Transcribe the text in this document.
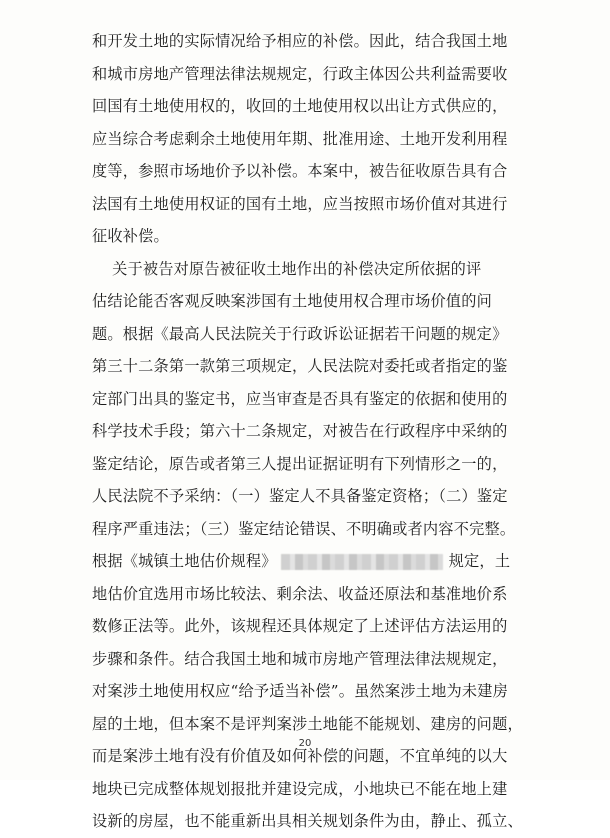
和开发土地的实际情况给予相应的补偿。因此，结合我国土地
和城市房地产管理法律法规规定，行政主体因公共利益需要收
回国有土地使用权的，收回的土地使用权以出让方式供应的，
应当综合考虑剩余土地使用年期、批准用途、土地开发利用程
度等，参照市场地价予以补偿。本案中，被告征收原告具有合
法国有土地使用权证的国有土地，应当按照市场价值对其进行
征收补偿。
关于被告对原告被征收土地作出的补偿决定所依据的评
估结论能否客观反映案涉国有土地使用权合理市场价值的问
题。根据《最高人民法院关于行政诉讼证据若干问题的规定》
第三十二条第一款第三项规定，人民法院对委托或者指定的鉴
定部门出具的鉴定书，应当审查是否具有鉴定的依据和使用的
科学技术手段；第六十二条规定，对被告在行政程序中采纳的
鉴定结论，原告或者第三人提出证据证明有下列情形之一的，
人民法院不予采纳：（一）鉴定人不具备鉴定资格；（二）鉴定
程序严重违法；（三）鉴定结论错误、不明确或者内容不完整。
根据《城镇土地估价规程》	规定，土
地估价宜选用市场比较法、剩余法、收益还原法和基准地价系
数修正法等。此外，该规程还具体规定了上述评估方法运用的
步骤和条件。结合我国土地和城市房地产管理法律法规规定，
对案涉土地使用权应“给予适当补偿”。虽然案涉土地为未建房
屋的土地，但本案不是评判案涉土地能不能规划、建房的问题，
而是案涉土地有没有价值及如何补偿的问题，不宜单纯的以大
地块已完成整体规划报批并建设完成，小地块已不能在地上建
设新的房屋，也不能重新出具相关规划条件为由，静止、孤立、
20
